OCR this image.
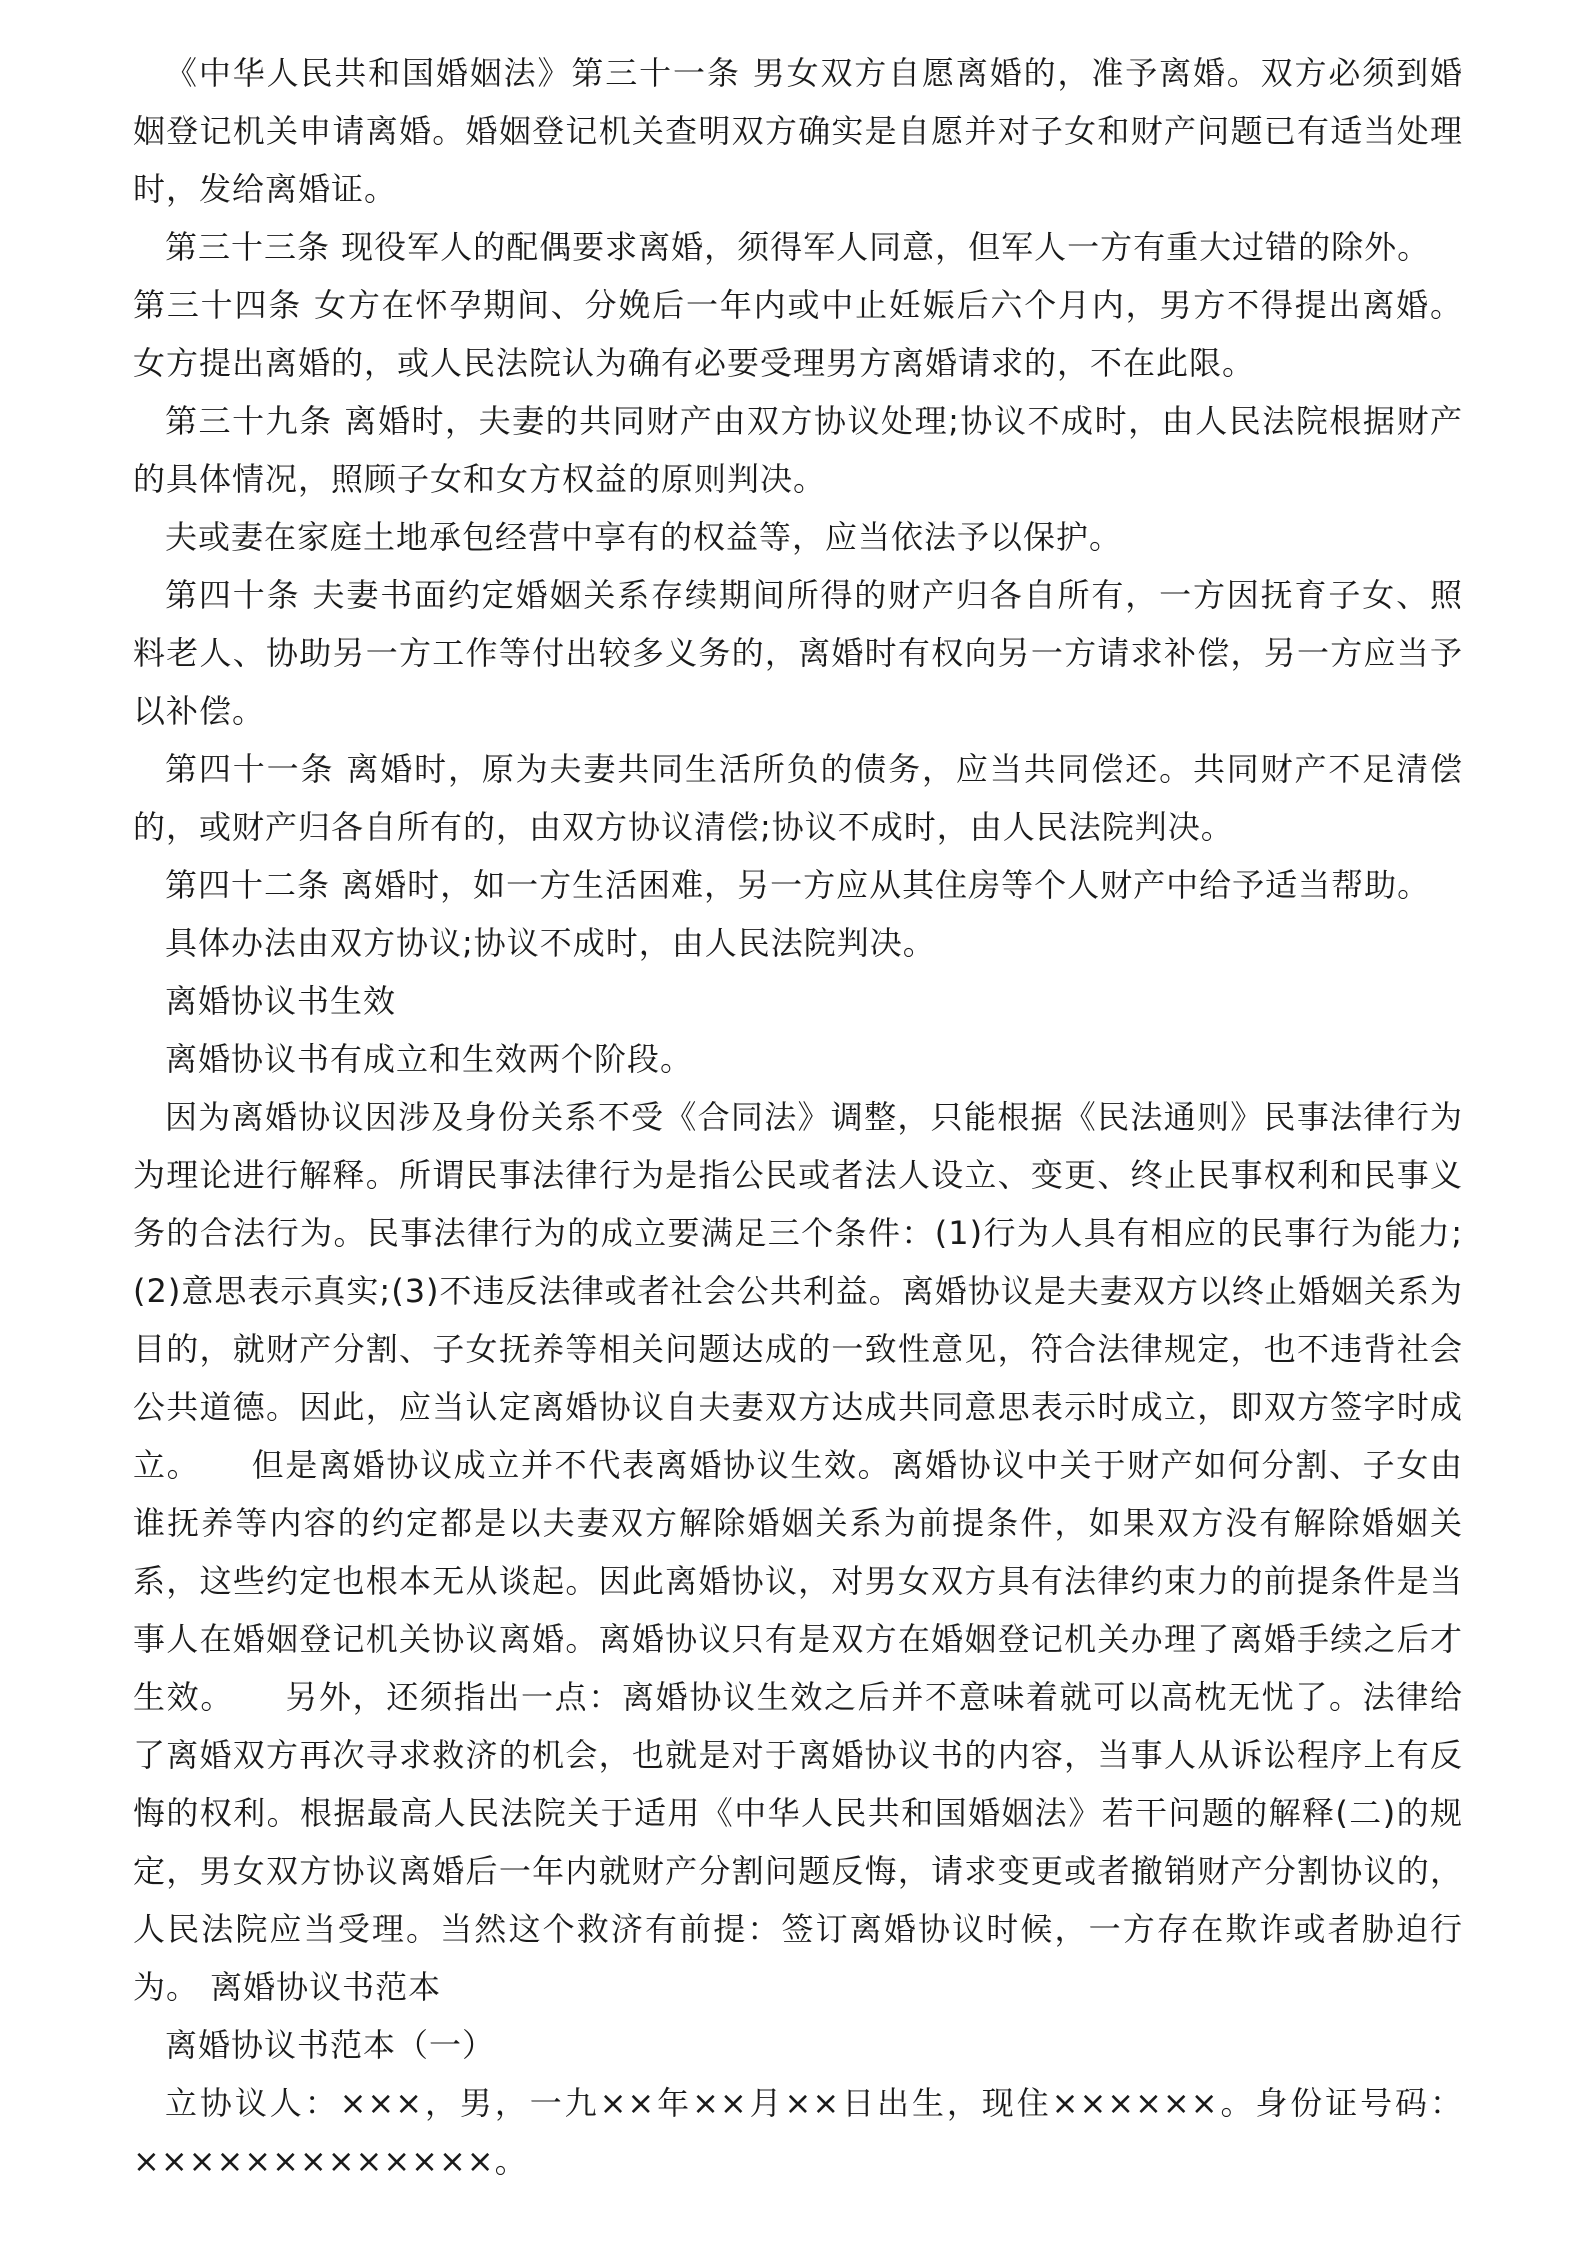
《中华人民共和国婚姻法》第三十一条 男女双方自愿离婚的，准予离婚。双方必须到婚姻登记机关申请离婚。婚姻登记机关查明双方确实是自愿并对子女和财产问题已有适当处理时，发给离婚证。

第三十三条 现役军人的配偶要求离婚，须得军人同意，但军人一方有重大过错的除外。

第三十四条 女方在怀孕期间、分娩后一年内或中止妊娠后六个月内，男方不得提出离婚。女方提出离婚的，或人民法院认为确有必要受理男方离婚请求的，不在此限。

第三十九条 离婚时，夫妻的共同财产由双方协议处理;协议不成时，由人民法院根据财产的具体情况，照顾子女和女方权益的原则判决。

夫或妻在家庭土地承包经营中享有的权益等，应当依法予以保护。

第四十条 夫妻书面约定婚姻关系存续期间所得的财产归各自所有，一方因抚育子女、照料老人、协助另一方工作等付出较多义务的，离婚时有权向另一方请求补偿，另一方应当予以补偿。

第四十一条 离婚时，原为夫妻共同生活所负的债务，应当共同偿还。共同财产不足清偿的，或财产归各自所有的，由双方协议清偿;协议不成时，由人民法院判决。

第四十二条 离婚时，如一方生活困难，另一方应从其住房等个人财产中给予适当帮助。

具体办法由双方协议;协议不成时，由人民法院判决。

离婚协议书生效

离婚协议书有成立和生效两个阶段。

因为离婚协议因涉及身份关系不受《合同法》调整，只能根据《民法通则》民事法律行为为理论进行解释。所谓民事法律行为是指公民或者法人设立、变更、终止民事权利和民事义务的合法行为。民事法律行为的成立要满足三个条件：(1)行为人具有相应的民事行为能力;(2)意思表示真实;(3)不违反法律或者社会公共利益。离婚协议是夫妻双方以终止婚姻关系为目的，就财产分割、子女抚养等相关问题达成的一致性意见，符合法律规定，也不违背社会公共道德。因此，应当认定离婚协议自夫妻双方达成共同意思表示时成立，即双方签字时成立。　　但是离婚协议成立并不代表离婚协议生效。离婚协议中关于财产如何分割、子女由谁抚养等内容的约定都是以夫妻双方解除婚姻关系为前提条件，如果双方没有解除婚姻关系，这些约定也根本无从谈起。因此离婚协议，对男女双方具有法律约束力的前提条件是当事人在婚姻登记机关协议离婚。离婚协议只有是双方在婚姻登记机关办理了离婚手续之后才生效。　　另外，还须指出一点：离婚协议生效之后并不意味着就可以高枕无忧了。法律给了离婚双方再次寻求救济的机会，也就是对于离婚协议书的内容，当事人从诉讼程序上有反悔的权利。根据最高人民法院关于适用《中华人民共和国婚姻法》若干问题的解释(二)的规定，男女双方协议离婚后一年内就财产分割问题反悔，请求变更或者撤销财产分割协议的，人民法院应当受理。当然这个救济有前提：签订离婚协议时候，一方存在欺诈或者胁迫行为。 离婚协议书范本

离婚协议书范本（一）

立协议人：×××，男，一九××年××月××日出生，现住××××××。身份证号码：×××××××××××××。
